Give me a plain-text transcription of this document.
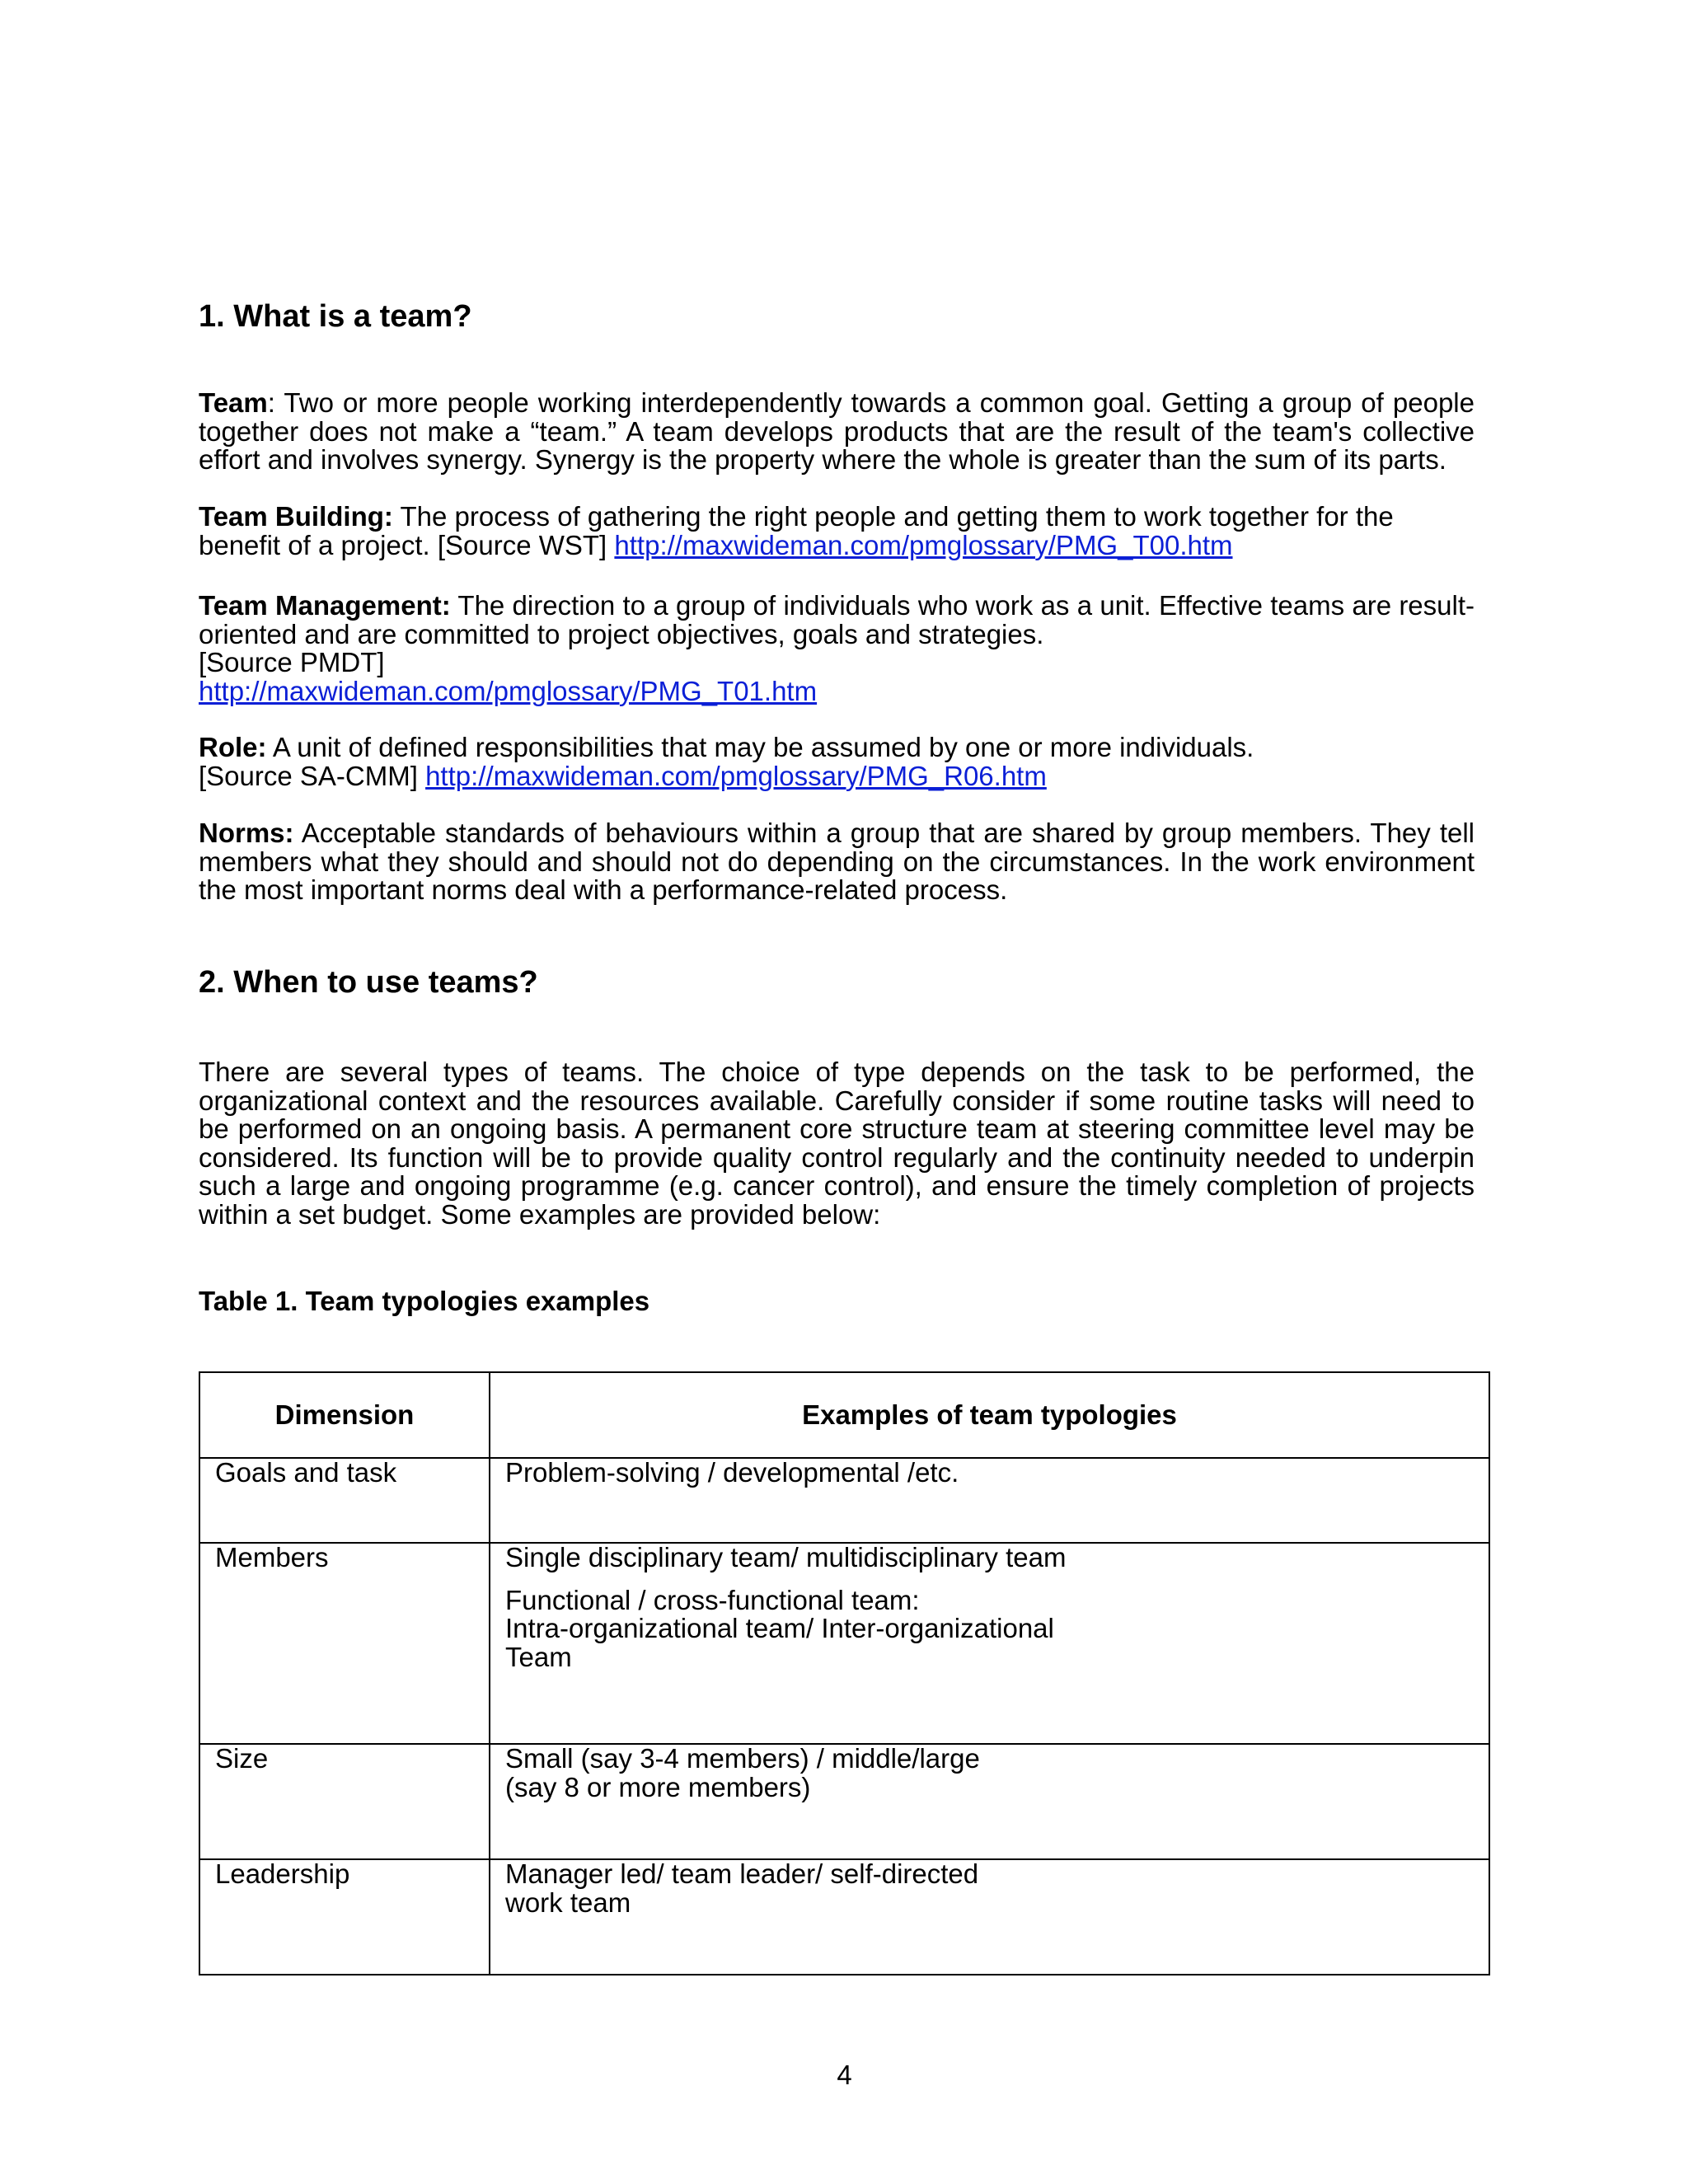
1. What is a team?

Team: Two or more people working interdependently towards a common goal. Getting a group of people together does not make a “team.” A team develops products that are the result of the team's collective effort and involves synergy. Synergy is the property where the whole is greater than the sum of its parts.

Team Building: The process of gathering the right people and getting them to work together for the benefit of a project. [Source WST] http://maxwideman.com/pmglossary/PMG_T00.htm

Team Management: The direction to a group of individuals who work as a unit. Effective teams are result-oriented and are committed to project objectives, goals and strategies.
[Source PMDT]
http://maxwideman.com/pmglossary/PMG_T01.htm
Role: A unit of defined responsibilities that may be assumed by one or more individuals.
[Source SA-CMM] http://maxwideman.com/pmglossary/PMG_R06.htm

Norms: Acceptable standards of behaviours within a group that are shared by group members. They tell members what they should and should not do depending on the circumstances. In the work environment the most important norms deal with a performance-related process.

2. When to use teams?

There are several types of teams. The choice of type depends on the task to be performed, the organizational context and the resources available. Carefully consider if some routine tasks will need to be performed on an ongoing basis. A permanent core structure team at steering committee level may be considered. Its function will be to provide quality control regularly and the continuity needed to underpin such a large and ongoing programme (e.g. cancer control), and ensure the timely completion of projects within a set budget. Some examples are provided below:

Table 1. Team typologies examples

Dimension	Examples of team typologies
Goals and task	Problem-solving / developmental /etc.

Members	Single disciplinary team/ multidisciplinary team

Functional / cross-functional team:

Intra-organizational team/ Inter-organizational

Team

Size	Small (say 3-4 members) / middle/large

(say 8 or more members)

Leadership	Manager led/ team leader/ self-directed

work team

4
